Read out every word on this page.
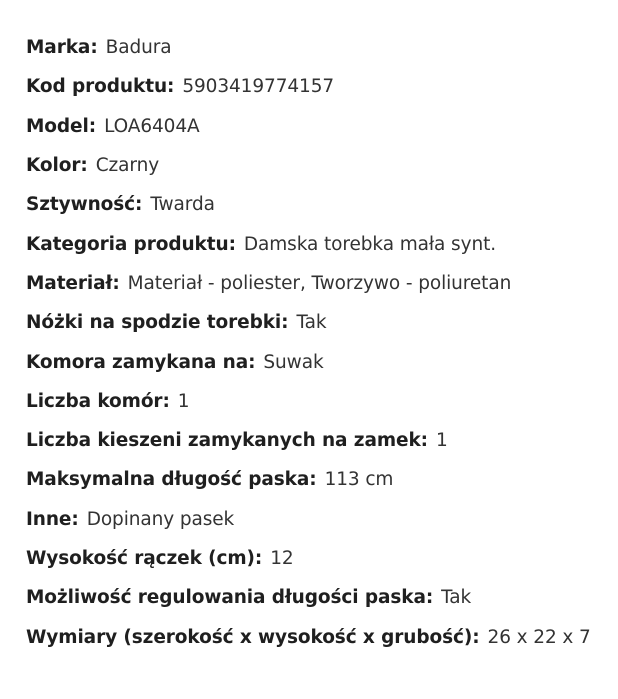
Marka: Badura
Kod produktu: 5903419774157
Model: LOA6404A
Kolor: Czarny
Sztywność: Twarda
Kategoria produktu: Damska torebka mała synt.
Materiał: Materiał - poliester, Tworzywo - poliuretan
Nóżki na spodzie torebki: Tak
Komora zamykana na: Suwak
Liczba komór: 1
Liczba kieszeni zamykanych na zamek: 1
Maksymalna długość paska: 113 cm
Inne: Dopinany pasek
Wysokość rączek (cm): 12
Możliwość regulowania długości paska: Tak
Wymiary (szerokość x wysokość x grubość): 26 x 22 x 7
